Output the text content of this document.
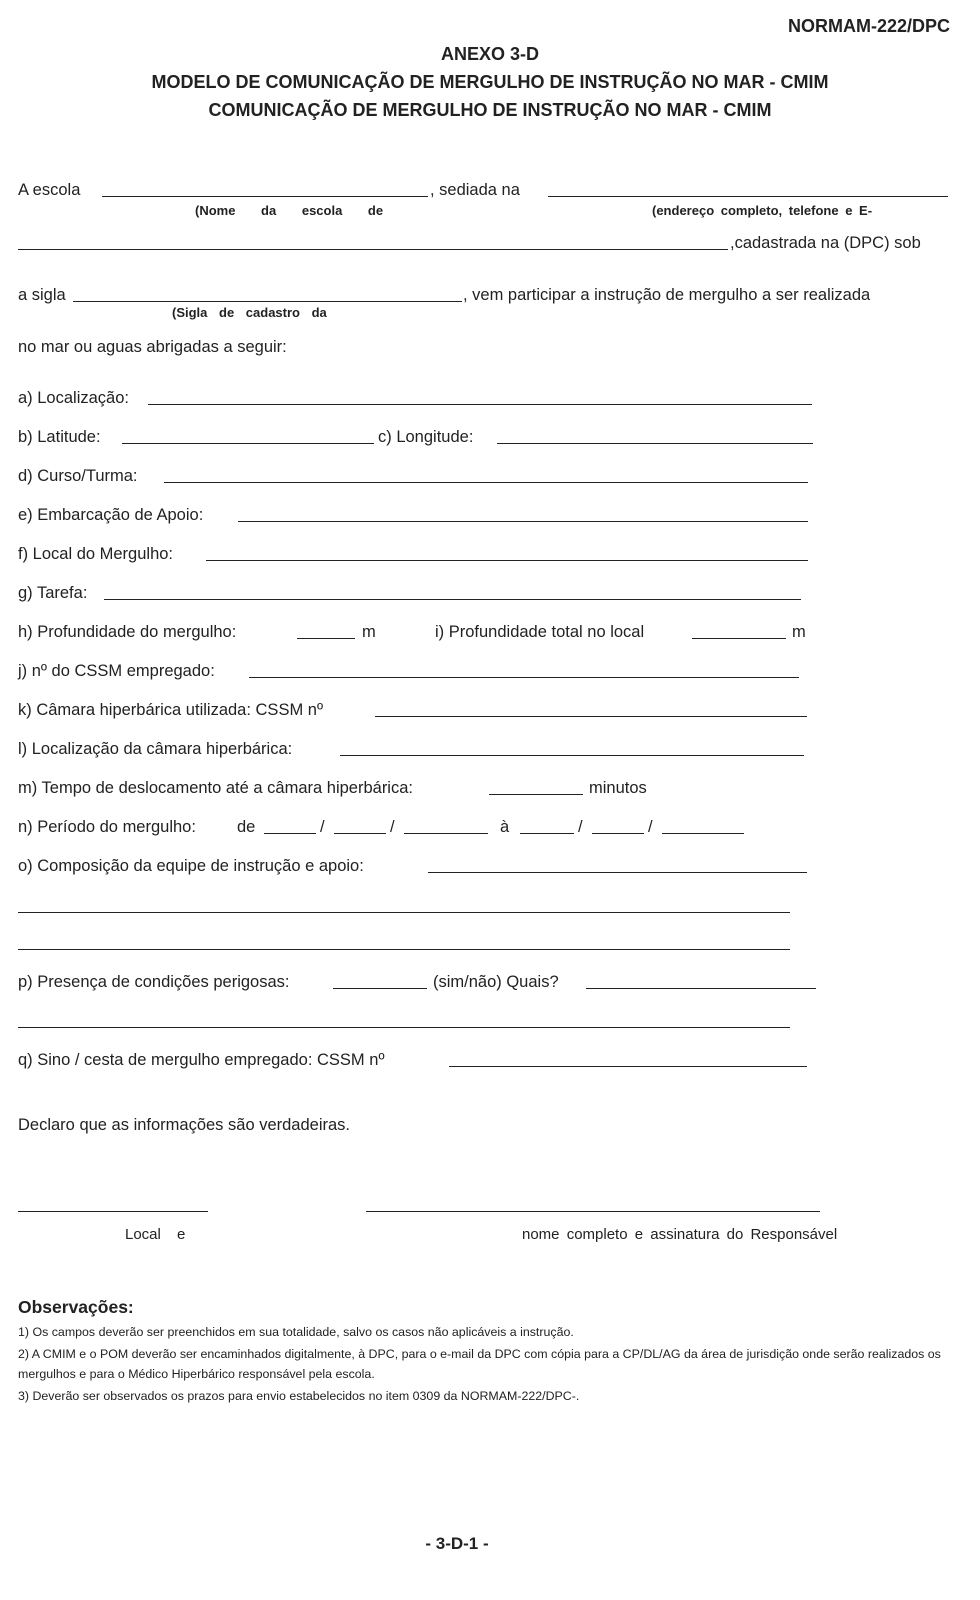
NORMAM-222/DPC
ANEXO 3-D
MODELO DE COMUNICAÇÃO DE MERGULHO DE INSTRUÇÃO NO MAR - CMIM
COMUNICAÇÃO DE MERGULHO DE INSTRUÇÃO NO MAR - CMIM
A escola	, sediada na
(Nome da escola de	(endereço completo, telefone e E-
,cadastrada na (DPC) sob
a sigla	, vem participar a instrução de mergulho a ser realizada
(Sigla de cadastro da
no mar ou aguas abrigadas a seguir:
a) Localização:
b) Latitude:	c) Longitude:
d) Curso/Turma:
e) Embarcação de Apoio:
f) Local do Mergulho:
g) Tarefa:
h) Profundidade do mergulho:	m	i) Profundidade total no local	m
j) nº do CSSM empregado:
k) Câmara hiperbárica utilizada: CSSM nº
l) Localização da câmara hiperbárica:
m) Tempo de deslocamento até a câmara hiperbárica:	minutos
n) Período do mergulho: de	/	/	à	/	/
o) Composição da equipe de instrução e apoio:
p) Presença de condições perigosas:	(sim/não) Quais?
q) Sino / cesta de mergulho empregado: CSSM nº
Declaro que as informações são verdadeiras.
Local e	nome completo e assinatura do Responsável
Observações:
1) Os campos deverão ser preenchidos em sua totalidade, salvo os casos não aplicáveis a instrução.
2) A CMIM e o POM deverão ser encaminhados digitalmente, à DPC, para o e-mail da DPC com cópia para a CP/DL/AG da área de jurisdição onde serão realizados os mergulhos e para o Médico Hiperbárico responsável pela escola.
3) Deverão ser observados os prazos para envio estabelecidos no item 0309 da NORMAM-222/DPC-.
- 3-D-1 -
